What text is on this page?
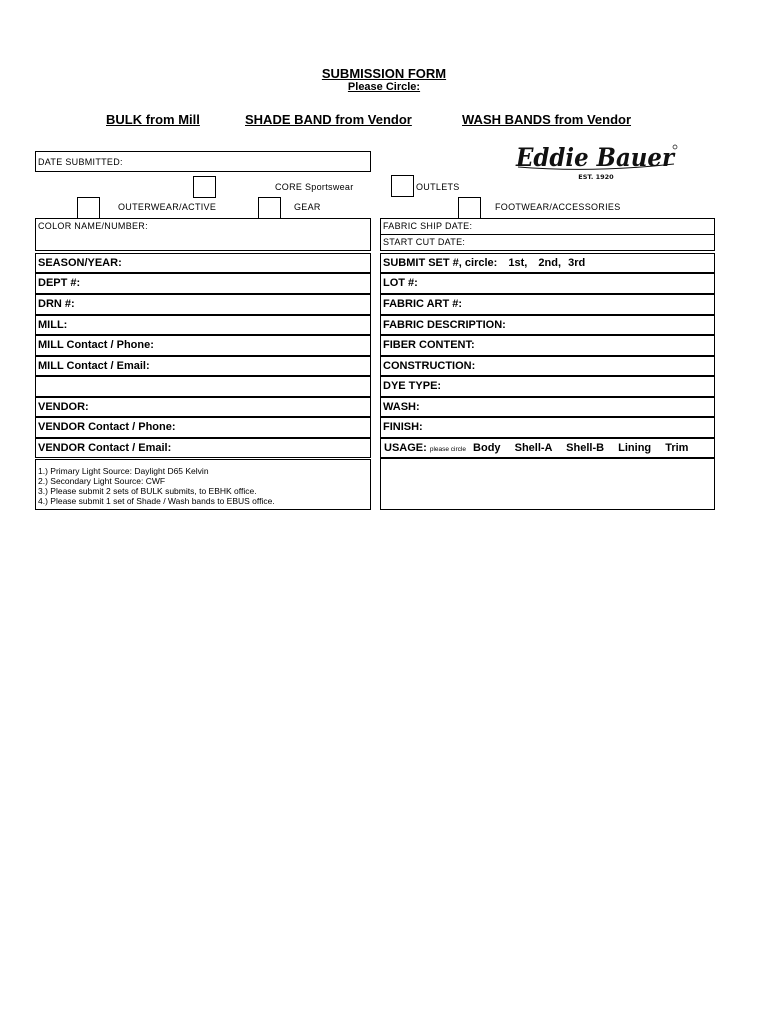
SUBMISSION FORM
Please Circle:
BULK from Mill	SHADE BAND from Vendor	WASH BANDS from Vendor
Eddie Bauer
EST. 1920
DATE SUBMITTED:
CORE Sportswear	OUTLETS
OUTERWEAR/ACTIVE	GEAR	FOOTWEAR/ACCESSORIES
COLOR NAME/NUMBER:
SEASON/YEAR:
DEPT #:
DRN #:
MILL:
MILL Contact / Phone:
MILL Contact / Email:
VENDOR:
VENDOR Contact / Phone:
VENDOR Contact / Email:
1.) Primary Light Source: Daylight D65 Kelvin
2.) Secondary Light Source: CWF
3.) Please submit 2 sets of BULK submits, to EBHK office.
4.) Please submit 1 set of Shade / Wash bands to EBUS office.
FABRIC SHIP DATE:
START CUT DATE:
SUBMIT SET #, circle: 1st, 2nd, 3rd
LOT #:
FABRIC ART #:
FABRIC DESCRIPTION:
FIBER CONTENT:
CONSTRUCTION:
DYE TYPE:
WASH:
FINISH:
USAGE: please circle Body Shell-A Shell-B Lining Trim
